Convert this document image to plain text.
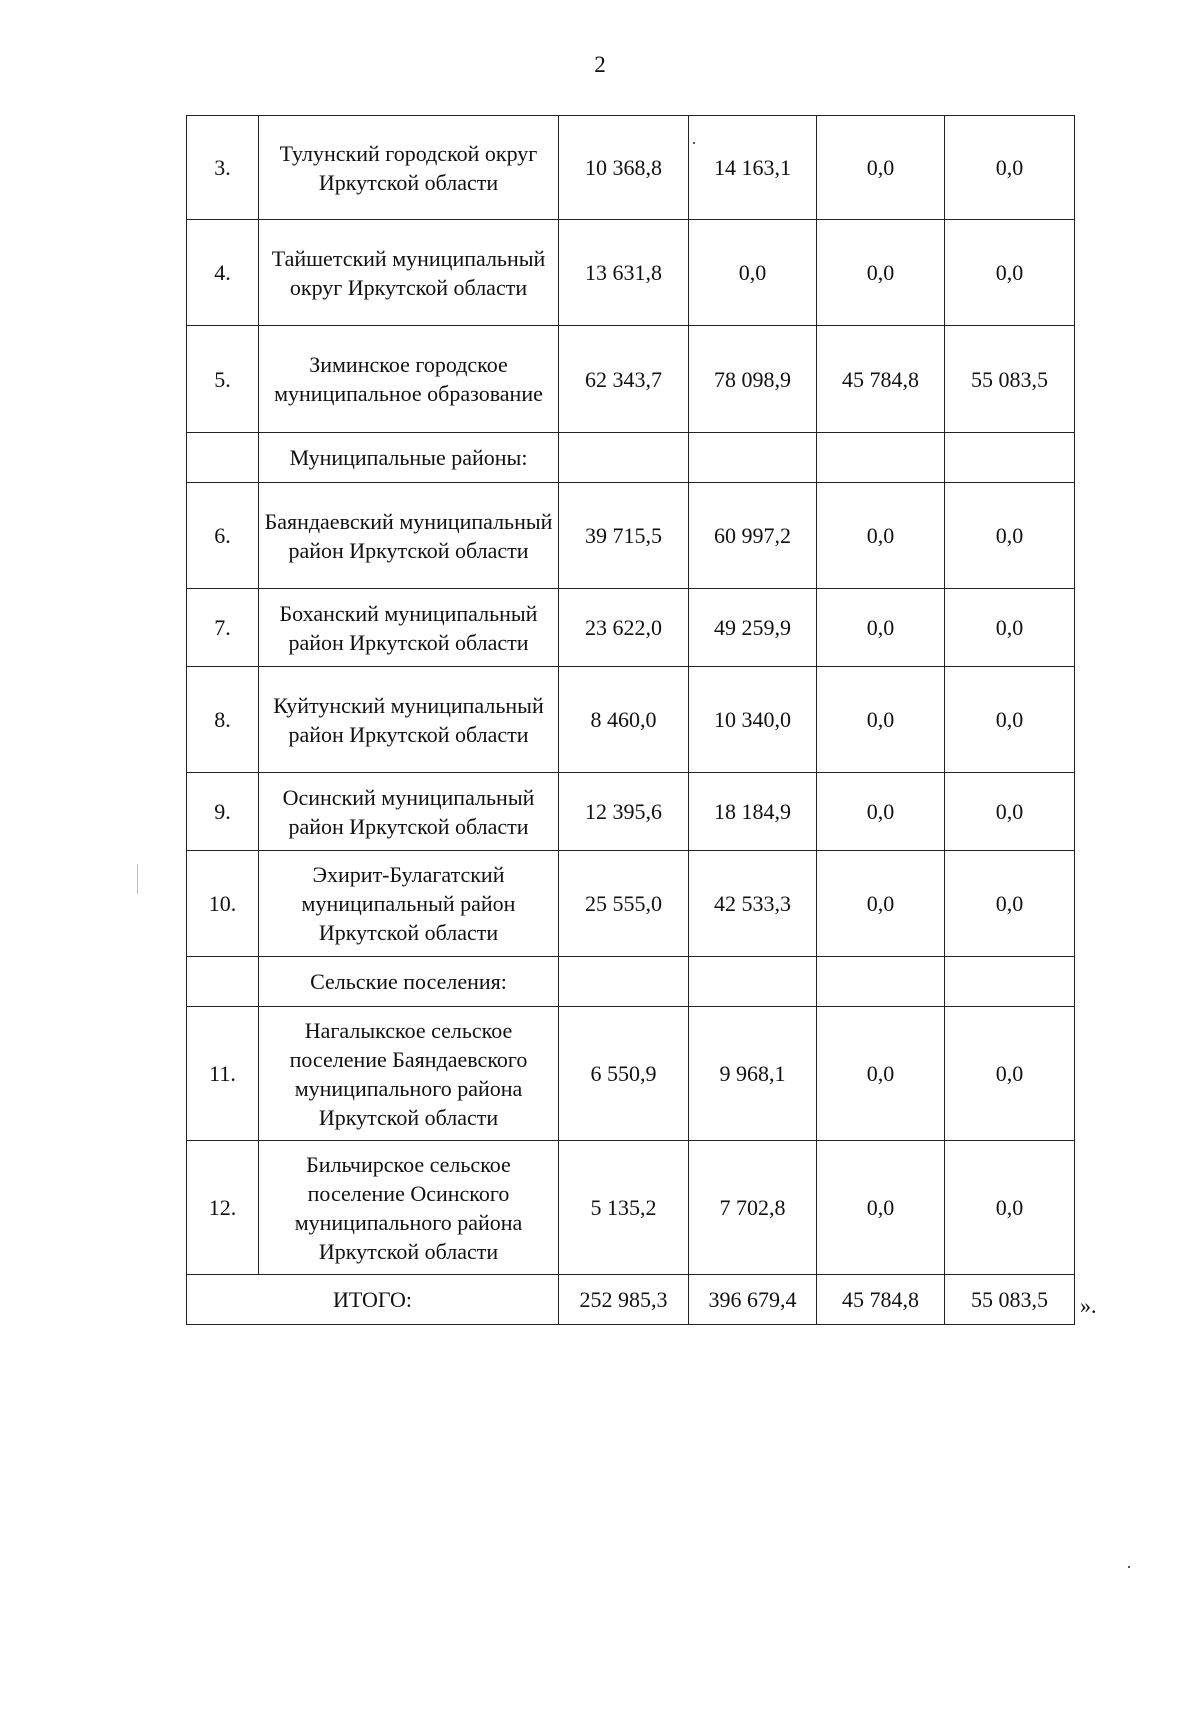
2
3.	Тулунский городской округ Иркутской области	10 368,8	14 163,1	0,0	0,0
4.	Тайшетский муниципальный округ Иркутской области	13 631,8	0,0	0,0	0,0
5.	Зиминское городское муниципальное образование	62 343,7	78 098,9	45 784,8	55 083,5
	Муниципальные районы:				
6.	Баяндаевский муниципальный район Иркутской области	39 715,5	60 997,2	0,0	0,0
7.	Боханский муниципальный район Иркутской области	23 622,0	49 259,9	0,0	0,0
8.	Куйтунский муниципальный район Иркутской области	8 460,0	10 340,0	0,0	0,0
9.	Осинский муниципальный район Иркутской области	12 395,6	18 184,9	0,0	0,0
10.	Эхирит-Булагатский муниципальный район Иркутской области	25 555,0	42 533,3	0,0	0,0
	Сельские поселения:				
11.	Нагалыкское сельское поселение Баяндаевского муниципального района Иркутской области	6 550,9	9 968,1	0,0	0,0
12.	Бильчирское сельское поселение Осинского муниципального района Иркутской области	5 135,2	7 702,8	0,0	0,0
ИТОГО:		252 985,3	396 679,4	45 784,8	55 083,5 ».
